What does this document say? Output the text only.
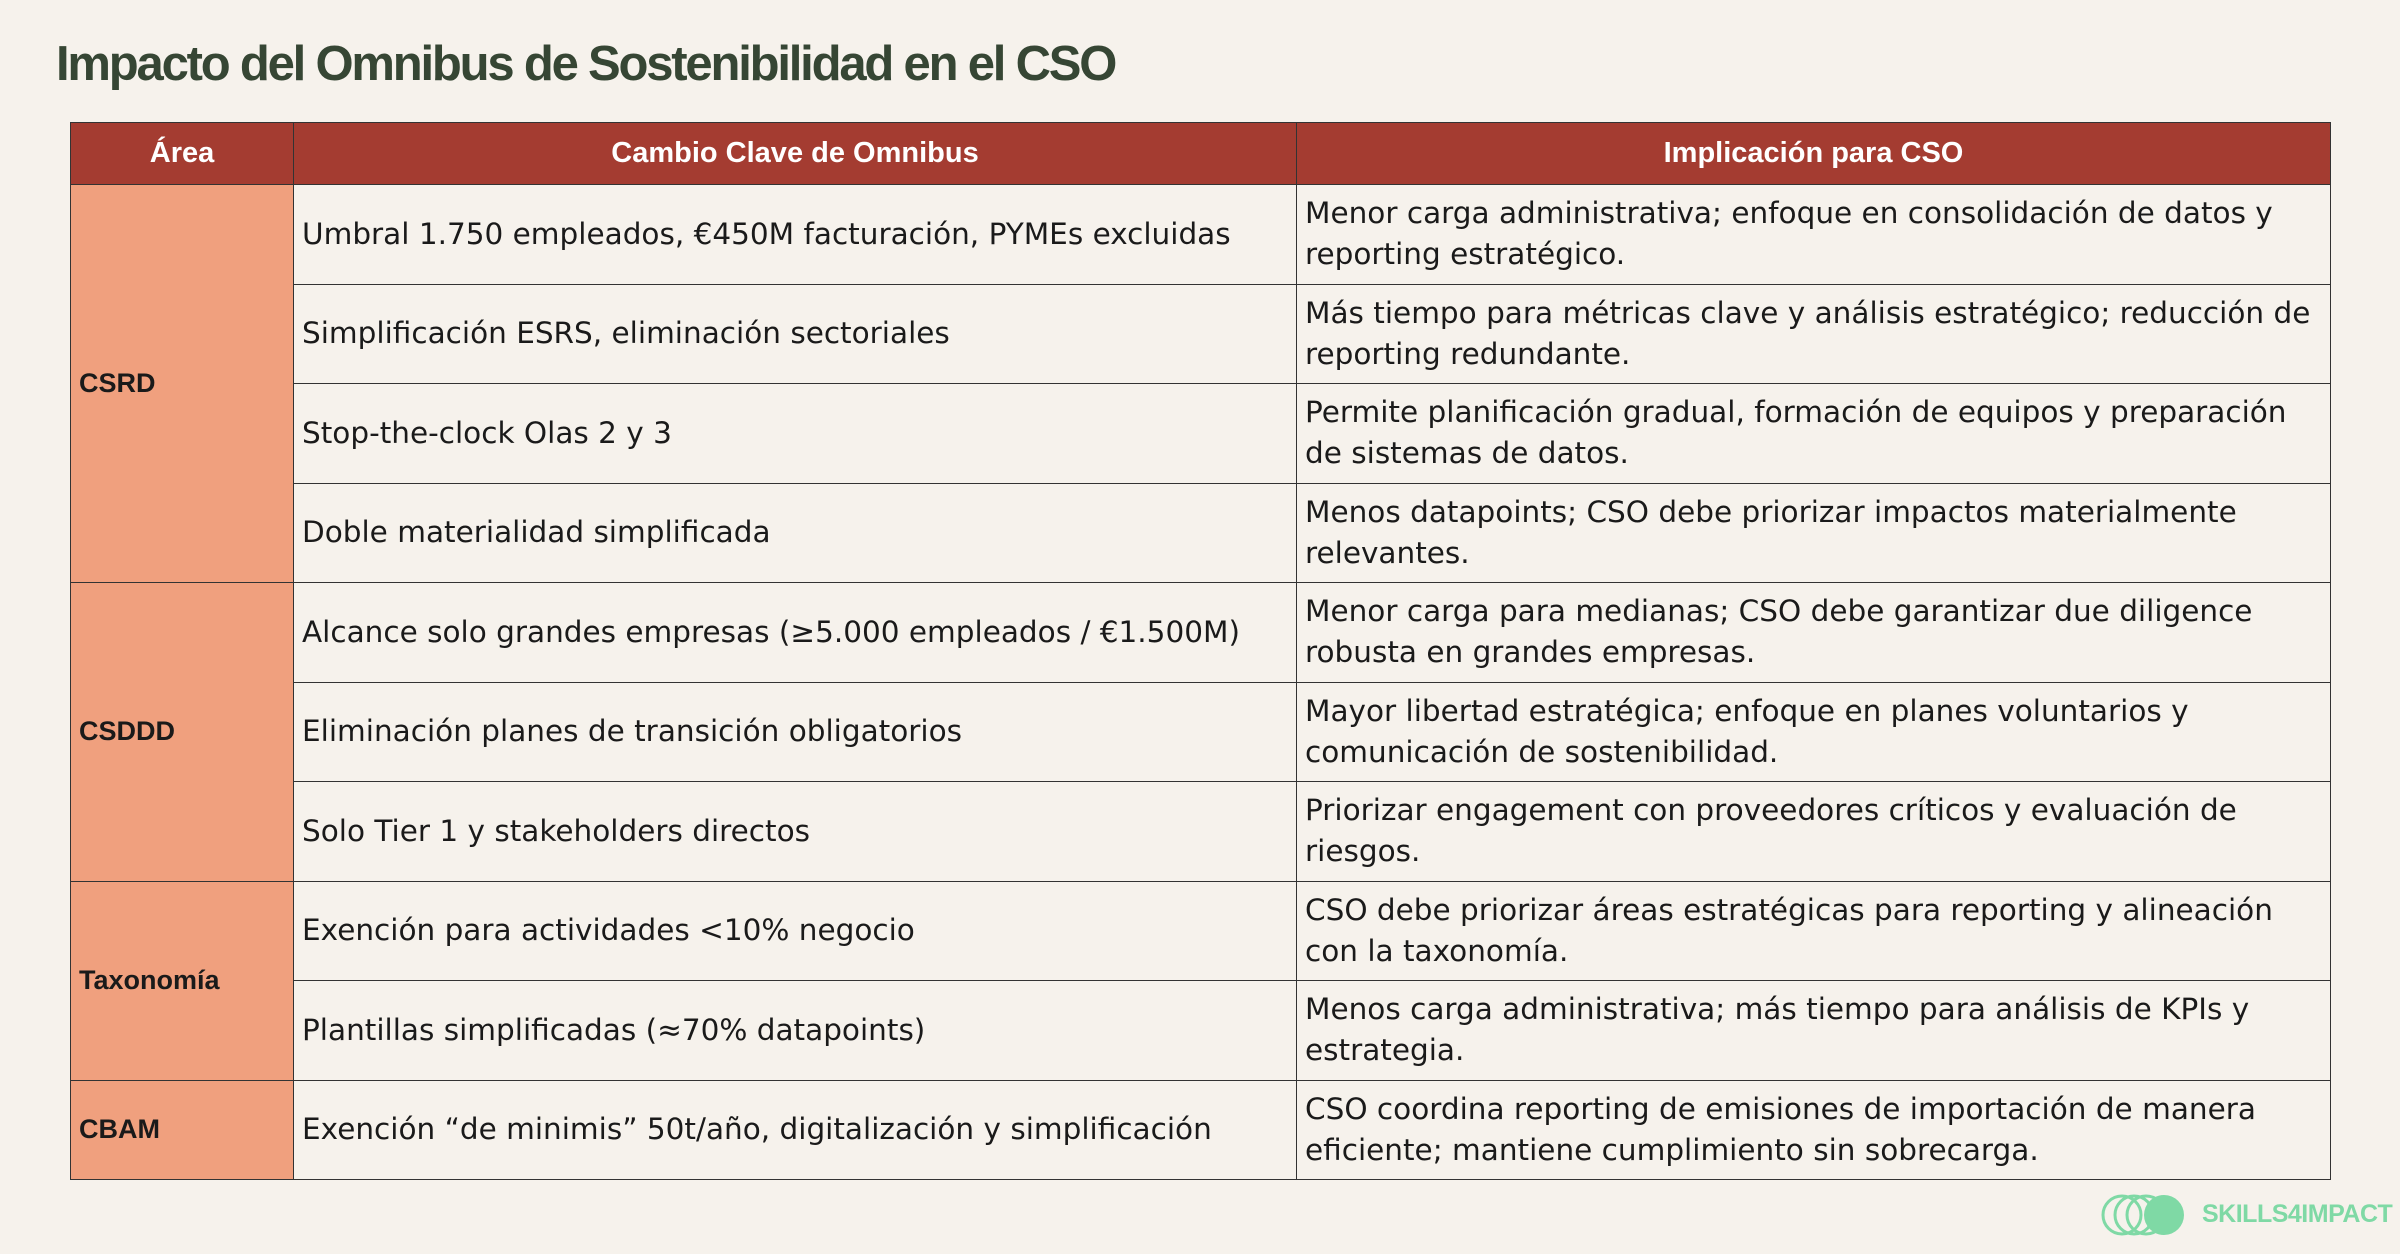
Impacto del Omnibus de Sostenibilidad en el CSO
Área	Cambio Clave de Omnibus	Implicación para CSO
CSRD	Umbral 1.750 empleados, €450M facturación, PYMEs excluidas	Menor carga administrativa; enfoque en consolidación de datos y reporting estratégico.
	Simplificación ESRS, eliminación sectoriales	Más tiempo para métricas clave y análisis estratégico; reducción de reporting redundante.
	Stop-the-clock Olas 2 y 3	Permite planificación gradual, formación de equipos y preparación de sistemas de datos.
	Doble materialidad simplificada	Menos datapoints; CSO debe priorizar impactos materialmente relevantes.
CSDDD	Alcance solo grandes empresas (≥5.000 empleados / €1.500M)	Menor carga para medianas; CSO debe garantizar due diligence robusta en grandes empresas.
	Eliminación planes de transición obligatorios	Mayor libertad estratégica; enfoque en planes voluntarios y comunicación de sostenibilidad.
	Solo Tier 1 y stakeholders directos	Priorizar engagement con proveedores críticos y evaluación de riesgos.
Taxonomía	Exención para actividades <10% negocio	CSO debe priorizar áreas estratégicas para reporting y alineación con la taxonomía.
	Plantillas simplificadas (≈70% datapoints)	Menos carga administrativa; más tiempo para análisis de KPIs y estrategia.
CBAM	Exención “de minimis” 50t/año, digitalización y simplificación	CSO coordina reporting de emisiones de importación de manera eficiente; mantiene cumplimiento sin sobrecarga.
SKILLS4IMPACT
